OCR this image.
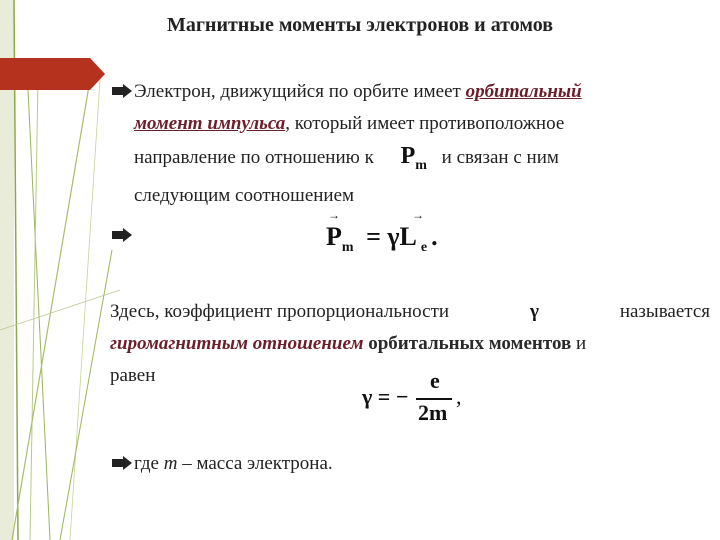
Магнитные моменты электронов и атомов
Электрон, движущийся по орбите имеет орбитальный
момент импульса, который имеет противоположное
направление по отношению к $P_m$ и связан с ним
следующим соотношением
→
$P_m = \gamma L$
→
$_e$ .
Здесь, коэффициент пропорциональности	γ	называется
гиромагнитным отношением орбитальных моментов и
равен
γ = −
e
2m
,
где m – масса электрона.
